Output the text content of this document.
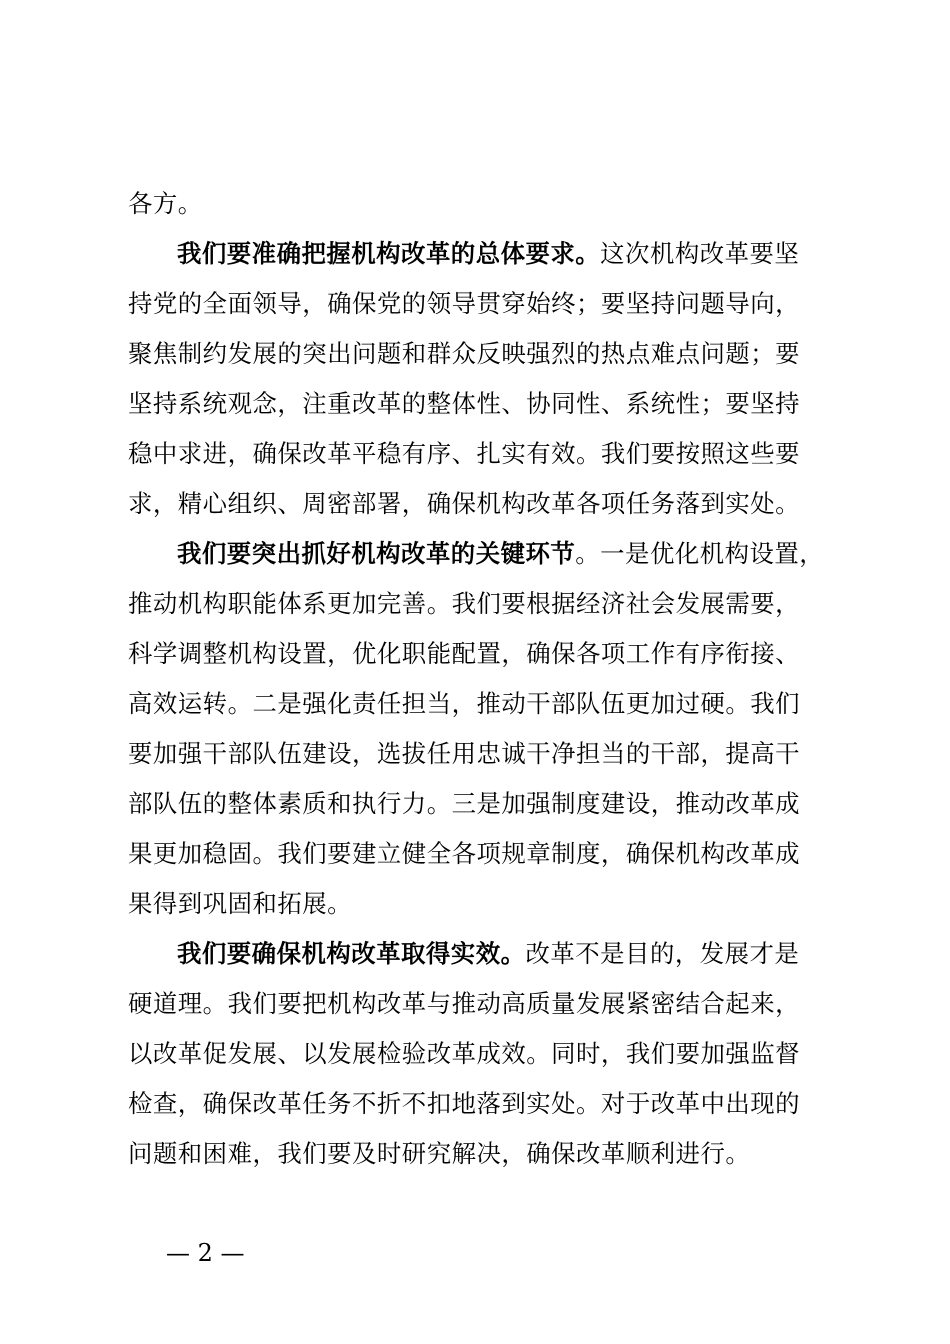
各方。
我们要准确把握机构改革的总体要求。这次机构改革要坚
持党的全面领导，确保党的领导贯穿始终；要坚持问题导向，
聚焦制约发展的突出问题和群众反映强烈的热点难点问题；要
坚持系统观念，注重改革的整体性、协同性、系统性；要坚持
稳中求进，确保改革平稳有序、扎实有效。我们要按照这些要
求，精心组织、周密部署，确保机构改革各项任务落到实处。
我们要突出抓好机构改革的关键环节。一是优化机构设置，
推动机构职能体系更加完善。我们要根据经济社会发展需要，
科学调整机构设置，优化职能配置，确保各项工作有序衔接、
高效运转。二是强化责任担当，推动干部队伍更加过硬。我们
要加强干部队伍建设，选拔任用忠诚干净担当的干部，提高干
部队伍的整体素质和执行力。三是加强制度建设，推动改革成
果更加稳固。我们要建立健全各项规章制度，确保机构改革成
果得到巩固和拓展。
我们要确保机构改革取得实效。改革不是目的，发展才是
硬道理。我们要把机构改革与推动高质量发展紧密结合起来，
以改革促发展、以发展检验改革成效。同时，我们要加强监督
检查，确保改革任务不折不扣地落到实处。对于改革中出现的
问题和困难，我们要及时研究解决，确保改革顺利进行。
— 2 —
